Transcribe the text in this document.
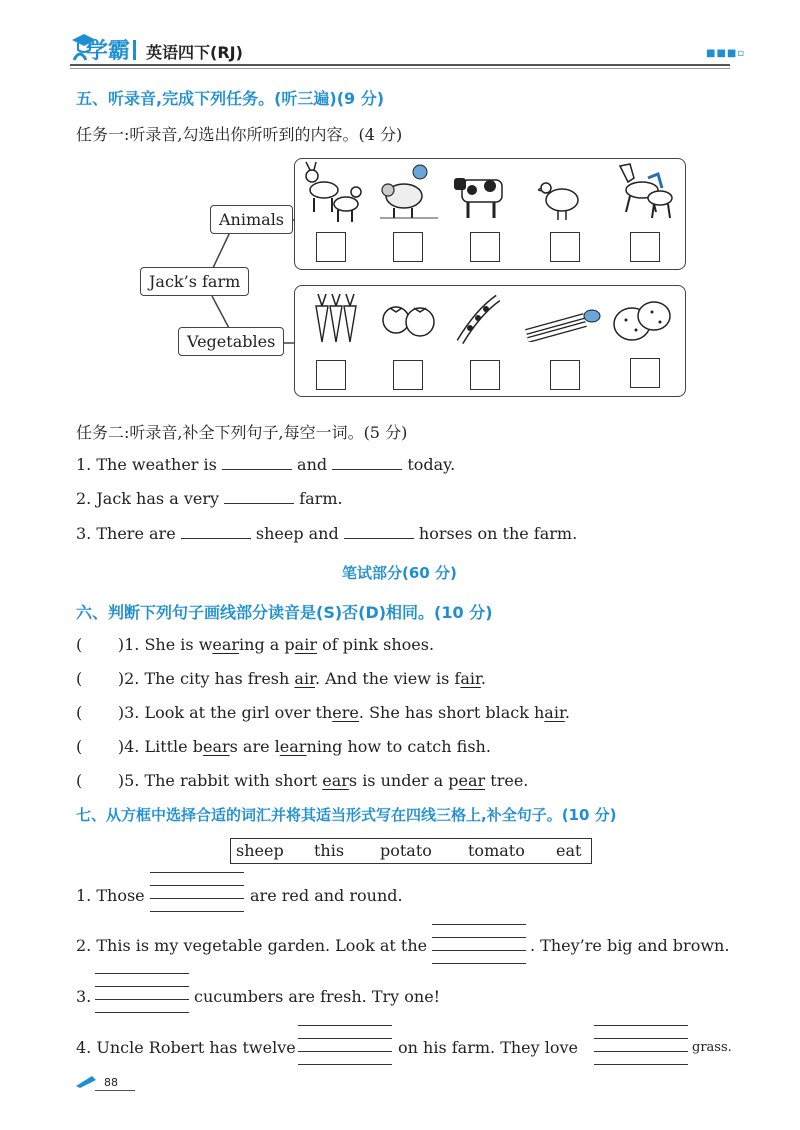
学霸 英语四下(RJ)	■■■▫
五、听录音,完成下列任务。(听三遍)(9 分)
任务一:听录音,勾选出你所听到的内容。(4 分)
Jack’s farm
Animals
Vegetables
任务二:听录音,补全下列句子,每空一词。(5 分)
1. The weather is	and	today.
2. Jack has a very	farm.
3. There are	sheep and	horses on the farm.
笔试部分(60 分)
六、判断下列句子画线部分读音是(S)否(D)相同。(10 分)
(       )1. She is wearing a pair of pink shoes.
(       )2. The city has fresh air. And the view is fair.
(       )3. Look at the girl over there. She has short black hair.
(       )4. Little bears are learning how to catch fish.
(       )5. The rabbit with short ears is under a pear tree.
七、从方框中选择合适的词汇并将其适当形式写在四线三格上,补全句子。(10 分)
sheep this potato tomato eat
1. Those	are red and round.
2. This is my vegetable garden. Look at the	. They’re big and brown.
3.	cucumbers are fresh. Try one!
4. Uncle Robert has twelve	on his farm. They love	grass.
88
